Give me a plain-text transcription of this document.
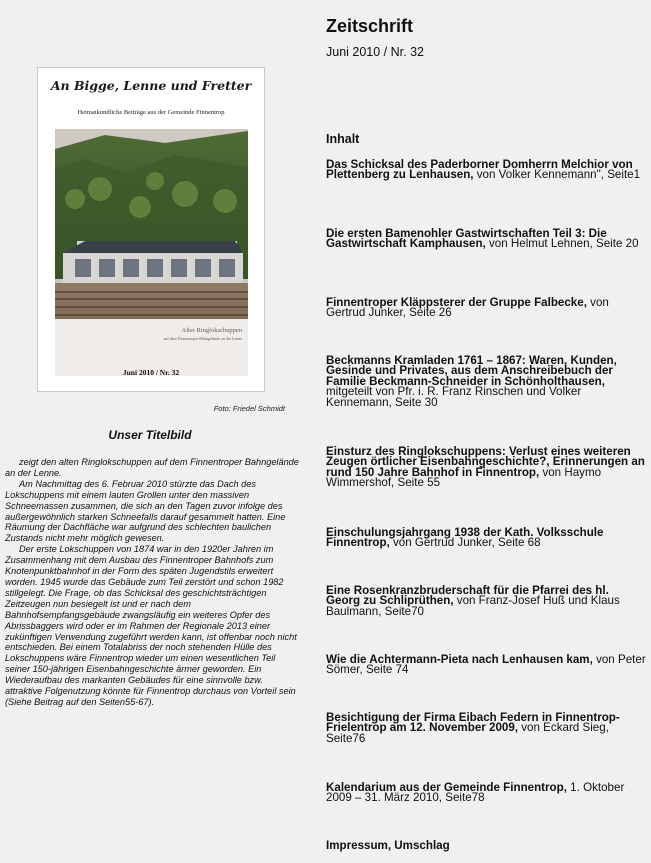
An Bigge, Lenne und Fretter
Heimatkundliche Beiträge aus der Gemeinde Finnentrop
Alter Ringlokschuppen
auf dem Finnentroper Bahngelände an der Lenne
Juni 2010 / Nr. 32
Foto: Friedel Schmidt
Unser Titelbild

zeigt den alten Ringlokschuppen auf dem Finnentroper Bahngelände an der Lenne.

Am Nachmittag des 6. Februar 2010 stürzte das Dach des Lokschuppens mit einem lauten Grollen unter den massiven Schneemassen zusammen, die sich an den Tagen zuvor infolge des außergewöhnlich starken Schneefalls darauf gesammelt hatten. Eine Räumung der Dachfläche war aufgrund des schlechten baulichen Zustands nicht mehr möglich gewesen.

Der erste Lokschuppen von 1874 war in den 1920er Jahren im Zusammenhang mit dem Ausbau des Finnentroper Bahnhofs zum Knotenpunktbahnhof in der Form des späten Jugendstils erweitert worden. 1945 wurde das Gebäude zum Teil zerstört und schon 1982 stillgelegt. Die Frage, ob das Schicksal des geschichtsträchtigen Zeitzeugen nun besiegelt ist und er nach dem Bahnhofsempfangsgebäude zwangsläufig ein weiteres Opfer des Abrissbaggers wird oder er im Rahmen der Regionale 2013 einer zukünftigen Verwendung zugeführt werden kann, ist offenbar noch nicht entschieden. Bei einem Totalabriss der noch stehenden Hülle des Lokschuppens wäre Finnentrop wieder um einen wesentlichen Teil seiner 150-jährigen Eisenbahngeschichte ärmer geworden. Ein Wiederaufbau des markanten Gebäudes für eine sinnvolle bzw. attraktive Folgenutzung könnte für Finnentrop durchaus von Vorteil sein (Siehe Beitrag auf den Seiten55-67).

Zeitschrift
Juni 2010 / Nr. 32
Inhalt
Das Schicksal des Paderborner Domherrn Melchior von Plettenberg zu Lenhausen, von Volker Kennemann", Seite1
Die ersten Bamenohler Gastwirtschaften Teil 3: Die Gastwirtschaft Kamphausen, von Helmut Lehnen, Seite 20
Finnentroper Kläppsterer der Gruppe Falbecke, von Gertrud Junker, Seite 26
Beckmanns Kramladen 1761 – 1867: Waren, Kunden, Gesinde und Privates, aus dem Anschreibebuch der Familie Beckmann-Schneider in Schönholthausen, mitgeteilt von Pfr. i. R. Franz Rinschen und Volker Kennemann, Seite 30
Einsturz des Ringlokschuppens: Verlust eines weiteren Zeugen örtlicher Eisenbahngeschichte?, Erinnerungen an rund 150 Jahre Bahnhof in Finnentrop, von Haymo Wimmershof, Seite 55
Einschulungsjahrgang 1938 der Kath. Volksschule Finnentrop, von Gertrud Junker, Seite 68
Eine Rosenkranzbruderschaft für die Pfarrei des hl. Georg zu Schliprüthen, von Franz-Josef Huß und Klaus Baulmann, Seite70
Wie die Achtermann-Pieta nach Lenhausen kam, von Peter Sömer, Seite 74
Besichtigung der Firma Eibach Federn in Finnentrop-Frielentrop am 12. November 2009, von Eckard Sieg, Seite76
Kalendarium aus der Gemeinde Finnentrop, 1. Oktober 2009 – 31. März 2010, Seite78
Impressum, Umschlag
